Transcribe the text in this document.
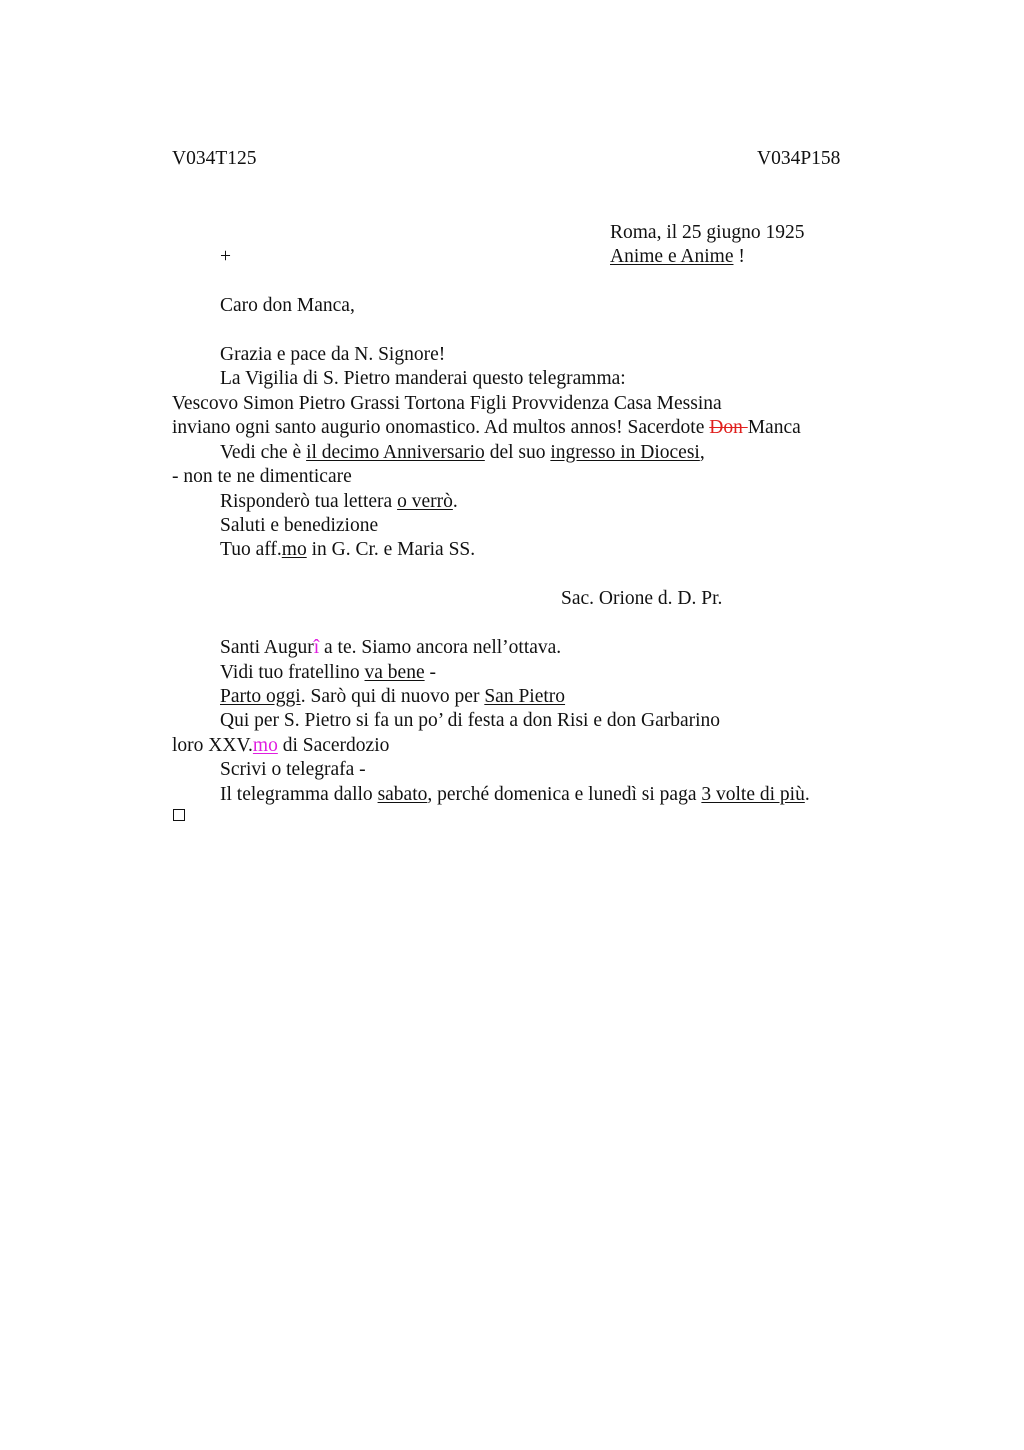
V034T125	V034P158
Roma, il 25 giugno 1925
+	Anime e Anime !
Caro don Manca,
Grazia e pace da N. Signore!
La Vigilia di S. Pietro manderai questo telegramma:
Vescovo Simon Pietro Grassi Tortona Figli Provvidenza Casa Messina
inviano ogni santo augurio onomastico. Ad multos annos! Sacerdote Don Manca
Vedi che è il decimo Anniversario del suo ingresso in Diocesi,
- non te ne dimenticare
Risponderò tua lettera o verrò.
Saluti e benedizione
Tuo aff.mo in G. Cr. e Maria SS.
Sac. Orione d. D. Pr.
Santi Augurî a te. Siamo ancora nell’ottava.
Vidi tuo fratellino va bene -
Parto oggi. Sarò qui di nuovo per San Pietro
Qui per S. Pietro si fa un po’ di festa a don Risi e don Garbarino
loro XXV.mo di Sacerdozio
Scrivi o telegrafa -
Il telegramma dallo sabato, perché domenica e lunedì si paga 3 volte di più.
